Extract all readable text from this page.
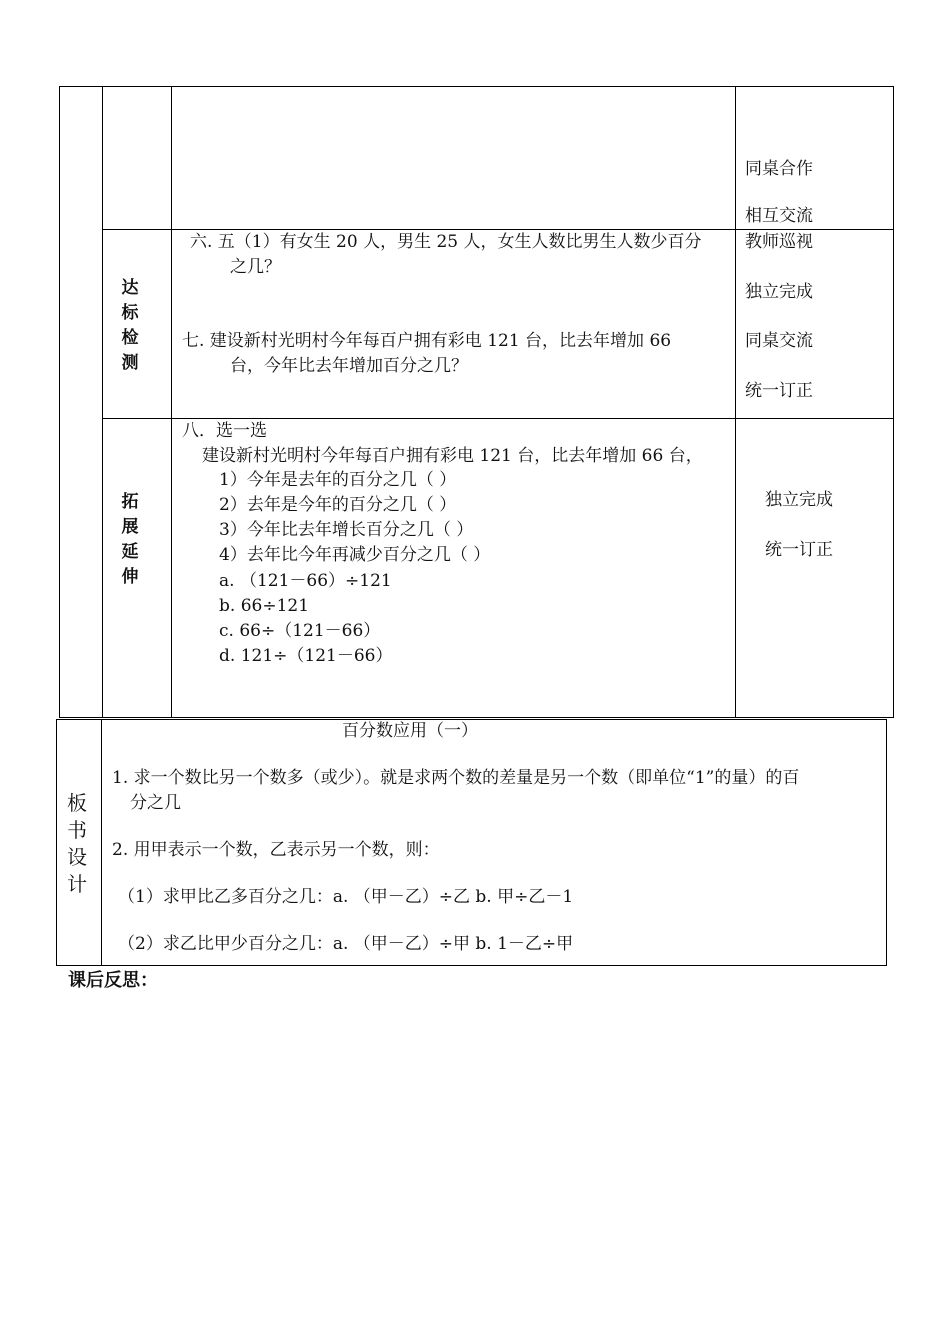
同桌合作
相互交流
达
标
检
测
六. 五（1）有女生 20 人，男生 25 人，女生人数比男生人数少百分
之几？
七. 建设新村光明村今年每百户拥有彩电 121 台，比去年增加 66
台，今年比去年增加百分之几？
教师巡视
独立完成
同桌交流
统一订正
拓
展
延
伸
八．选一选
建设新村光明村今年每百户拥有彩电 121 台，比去年增加 66 台，
1）今年是去年的百分之几（ ）
2）去年是今年的百分之几（ ）
3）今年比去年增长百分之几（ ）
4）去年比今年再减少百分之几（ ）
a. （121－66）÷121
b. 66÷121
c. 66÷（121－66）
d. 121÷（121－66）
独立完成
统一订正
板
书
设
计
百分数应用（一）
1. 求一个数比另一个数多（或少）。就是求两个数的差量是另一个数（即单位“1”的量）的百
分之几
2. 用甲表示一个数，乙表示另一个数，则：
（1）求甲比乙多百分之几：a. （甲－乙）÷乙 b. 甲÷乙－1
（2）求乙比甲少百分之几：a. （甲－乙）÷甲 b. 1－乙÷甲
课后反思：
